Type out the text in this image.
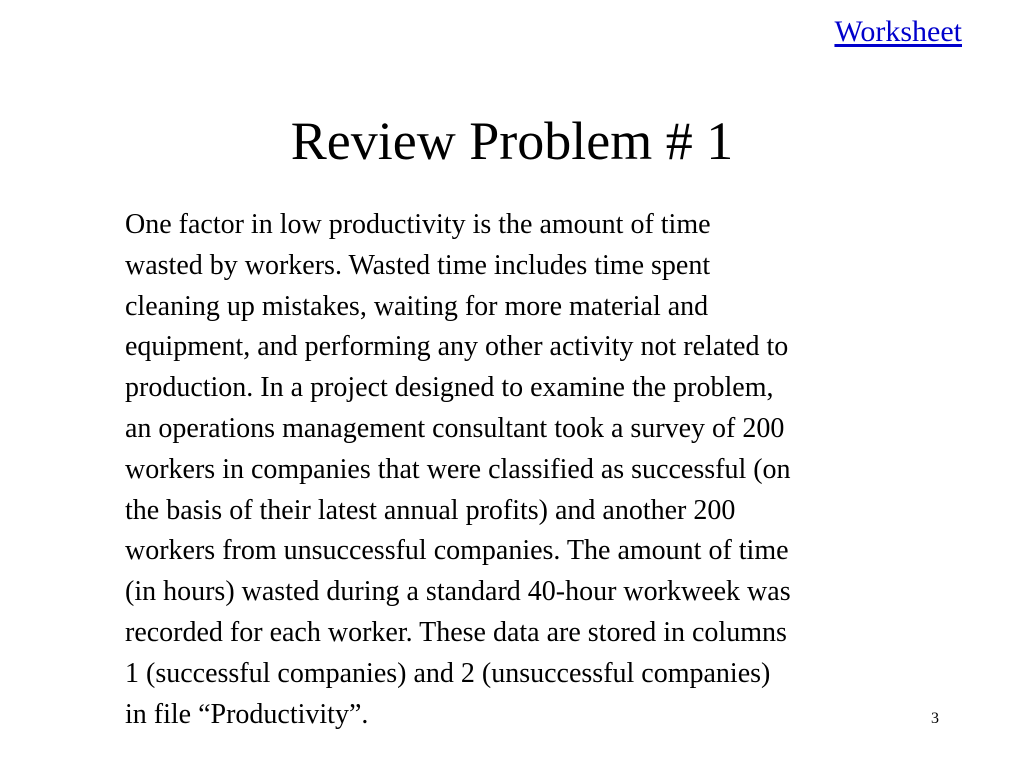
Worksheet
Review Problem # 1

One factor in low productivity is the amount of time
wasted by workers. Wasted time includes time spent
cleaning up mistakes, waiting for more material and
equipment, and performing any other activity not related to
production. In a project designed to examine the problem,
an operations management consultant took a survey of 200
workers in companies that were classified as successful (on
the basis of their latest annual profits) and another 200
workers from unsuccessful companies. The amount of time
(in hours) wasted during a standard 40-hour workweek was
recorded for each worker. These data are stored in columns
1 (successful companies) and 2 (unsuccessful companies)
in file “Productivity”.	3
